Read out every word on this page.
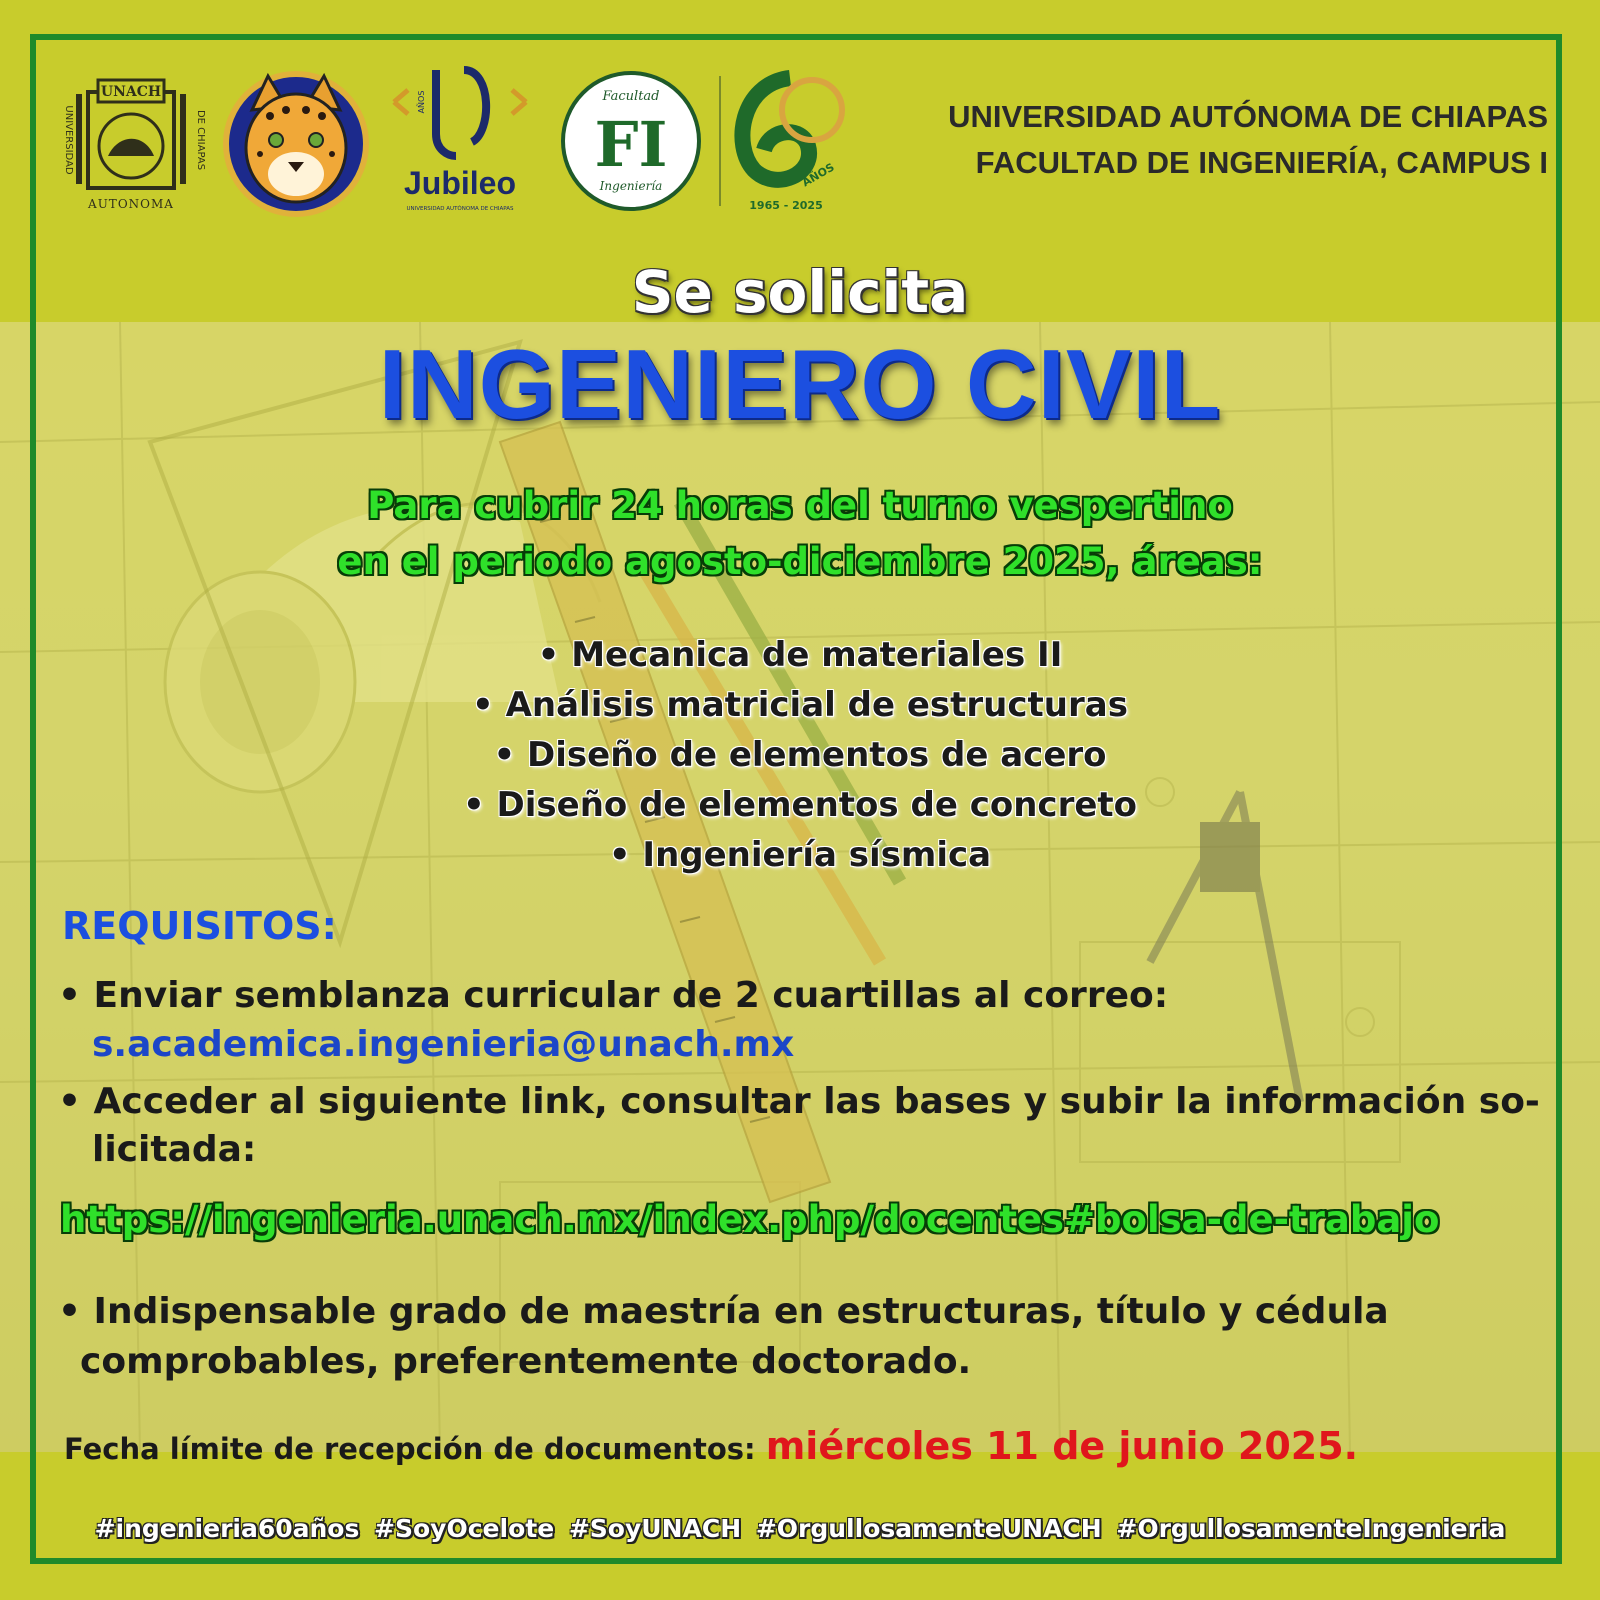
UNACH
AUTONOMA
UNIVERSIDAD	DE CHIAPAS
AÑOS
Jubileo
UNIVERSIDAD AUTÓNOMA DE CHIAPAS
Facultad
FI
Ingeniería	AÑOS
1965 - 2025
UNIVERSIDAD AUTÓNOMA DE CHIAPAS
FACULTAD DE INGENIERÍA, CAMPUS I
Se solicita
INGENIERO CIVIL
Para cubrir 24 horas del turno vespertino
en el periodo agosto-diciembre 2025, áreas:
• Mecanica de materiales II
• Análisis matricial de estructuras
• Diseño de elementos de acero
• Diseño de elementos de concreto
• Ingeniería sísmica
REQUISITOS:
• Enviar semblanza curricular de 2 cuartillas al correo:
s.academica.ingenieria@unach.mx
• Acceder al siguiente link, consultar las bases y subir la información so-
licitada:
https://ingenieria.unach.mx/index.php/docentes#bolsa-de-trabajo
• Indispensable grado de maestría en estructuras, título y cédula
comprobables, preferentemente doctorado.
Fecha límite de recepción de documentos: miércoles 11 de junio 2025.
#ingenieria60años #SoyOcelote #SoyUNACH #OrgullosamenteUNACH #OrgullosamenteIngenieria
